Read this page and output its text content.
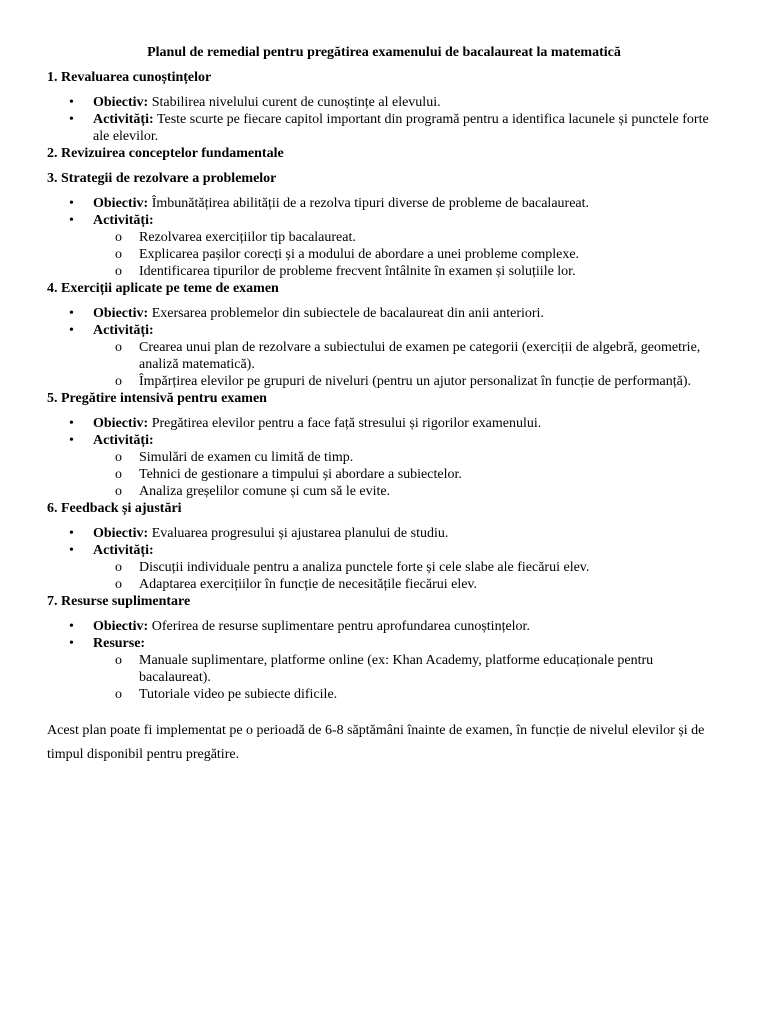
Planul de remedial pentru pregătirea examenului de bacalaureat la matematică
1. Revaluarea cunoștințelor
• Obiectiv: Stabilirea nivelului curent de cunoștințe al elevului.
• Activități: Teste scurte pe fiecare capitol important din programă pentru a identifica lacunele și punctele forte ale elevilor.
2. Revizuirea conceptelor fundamentale
3. Strategii de rezolvare a problemelor
• Obiectiv: Îmbunătățirea abilității de a rezolva tipuri diverse de probleme de bacalaureat.
• Activități:
o Rezolvarea exercițiilor tip bacalaureat.
o Explicarea pașilor corecți și a modului de abordare a unei probleme complexe.
o Identificarea tipurilor de probleme frecvent întâlnite în examen și soluțiile lor.
4. Exerciții aplicate pe teme de examen
• Obiectiv: Exersarea problemelor din subiectele de bacalaureat din anii anteriori.
• Activități:
o Crearea unui plan de rezolvare a subiectului de examen pe categorii (exerciții de algebră, geometrie, analiză matematică).
o Împărțirea elevilor pe grupuri de niveluri (pentru un ajutor personalizat în funcție de performanță).
5. Pregătire intensivă pentru examen
• Obiectiv: Pregătirea elevilor pentru a face față stresului și rigorilor examenului.
• Activități:
o Simulări de examen cu limită de timp.
o Tehnici de gestionare a timpului și abordare a subiectelor.
o Analiza greșelilor comune și cum să le evite.
6. Feedback și ajustări
• Obiectiv: Evaluarea progresului și ajustarea planului de studiu.
• Activități:
o Discuții individuale pentru a analiza punctele forte și cele slabe ale fiecărui elev.
o Adaptarea exercițiilor în funcție de necesitățile fiecărui elev.
7. Resurse suplimentare
• Obiectiv: Oferirea de resurse suplimentare pentru aprofundarea cunoștințelor.
• Resurse:
o Manuale suplimentare, platforme online (ex: Khan Academy, platforme educaționale pentru bacalaureat).
o Tutoriale video pe subiecte dificile.
Acest plan poate fi implementat pe o perioadă de 6-8 săptămâni înainte de examen, în funcție de nivelul elevilor și de timpul disponibil pentru pregătire.
